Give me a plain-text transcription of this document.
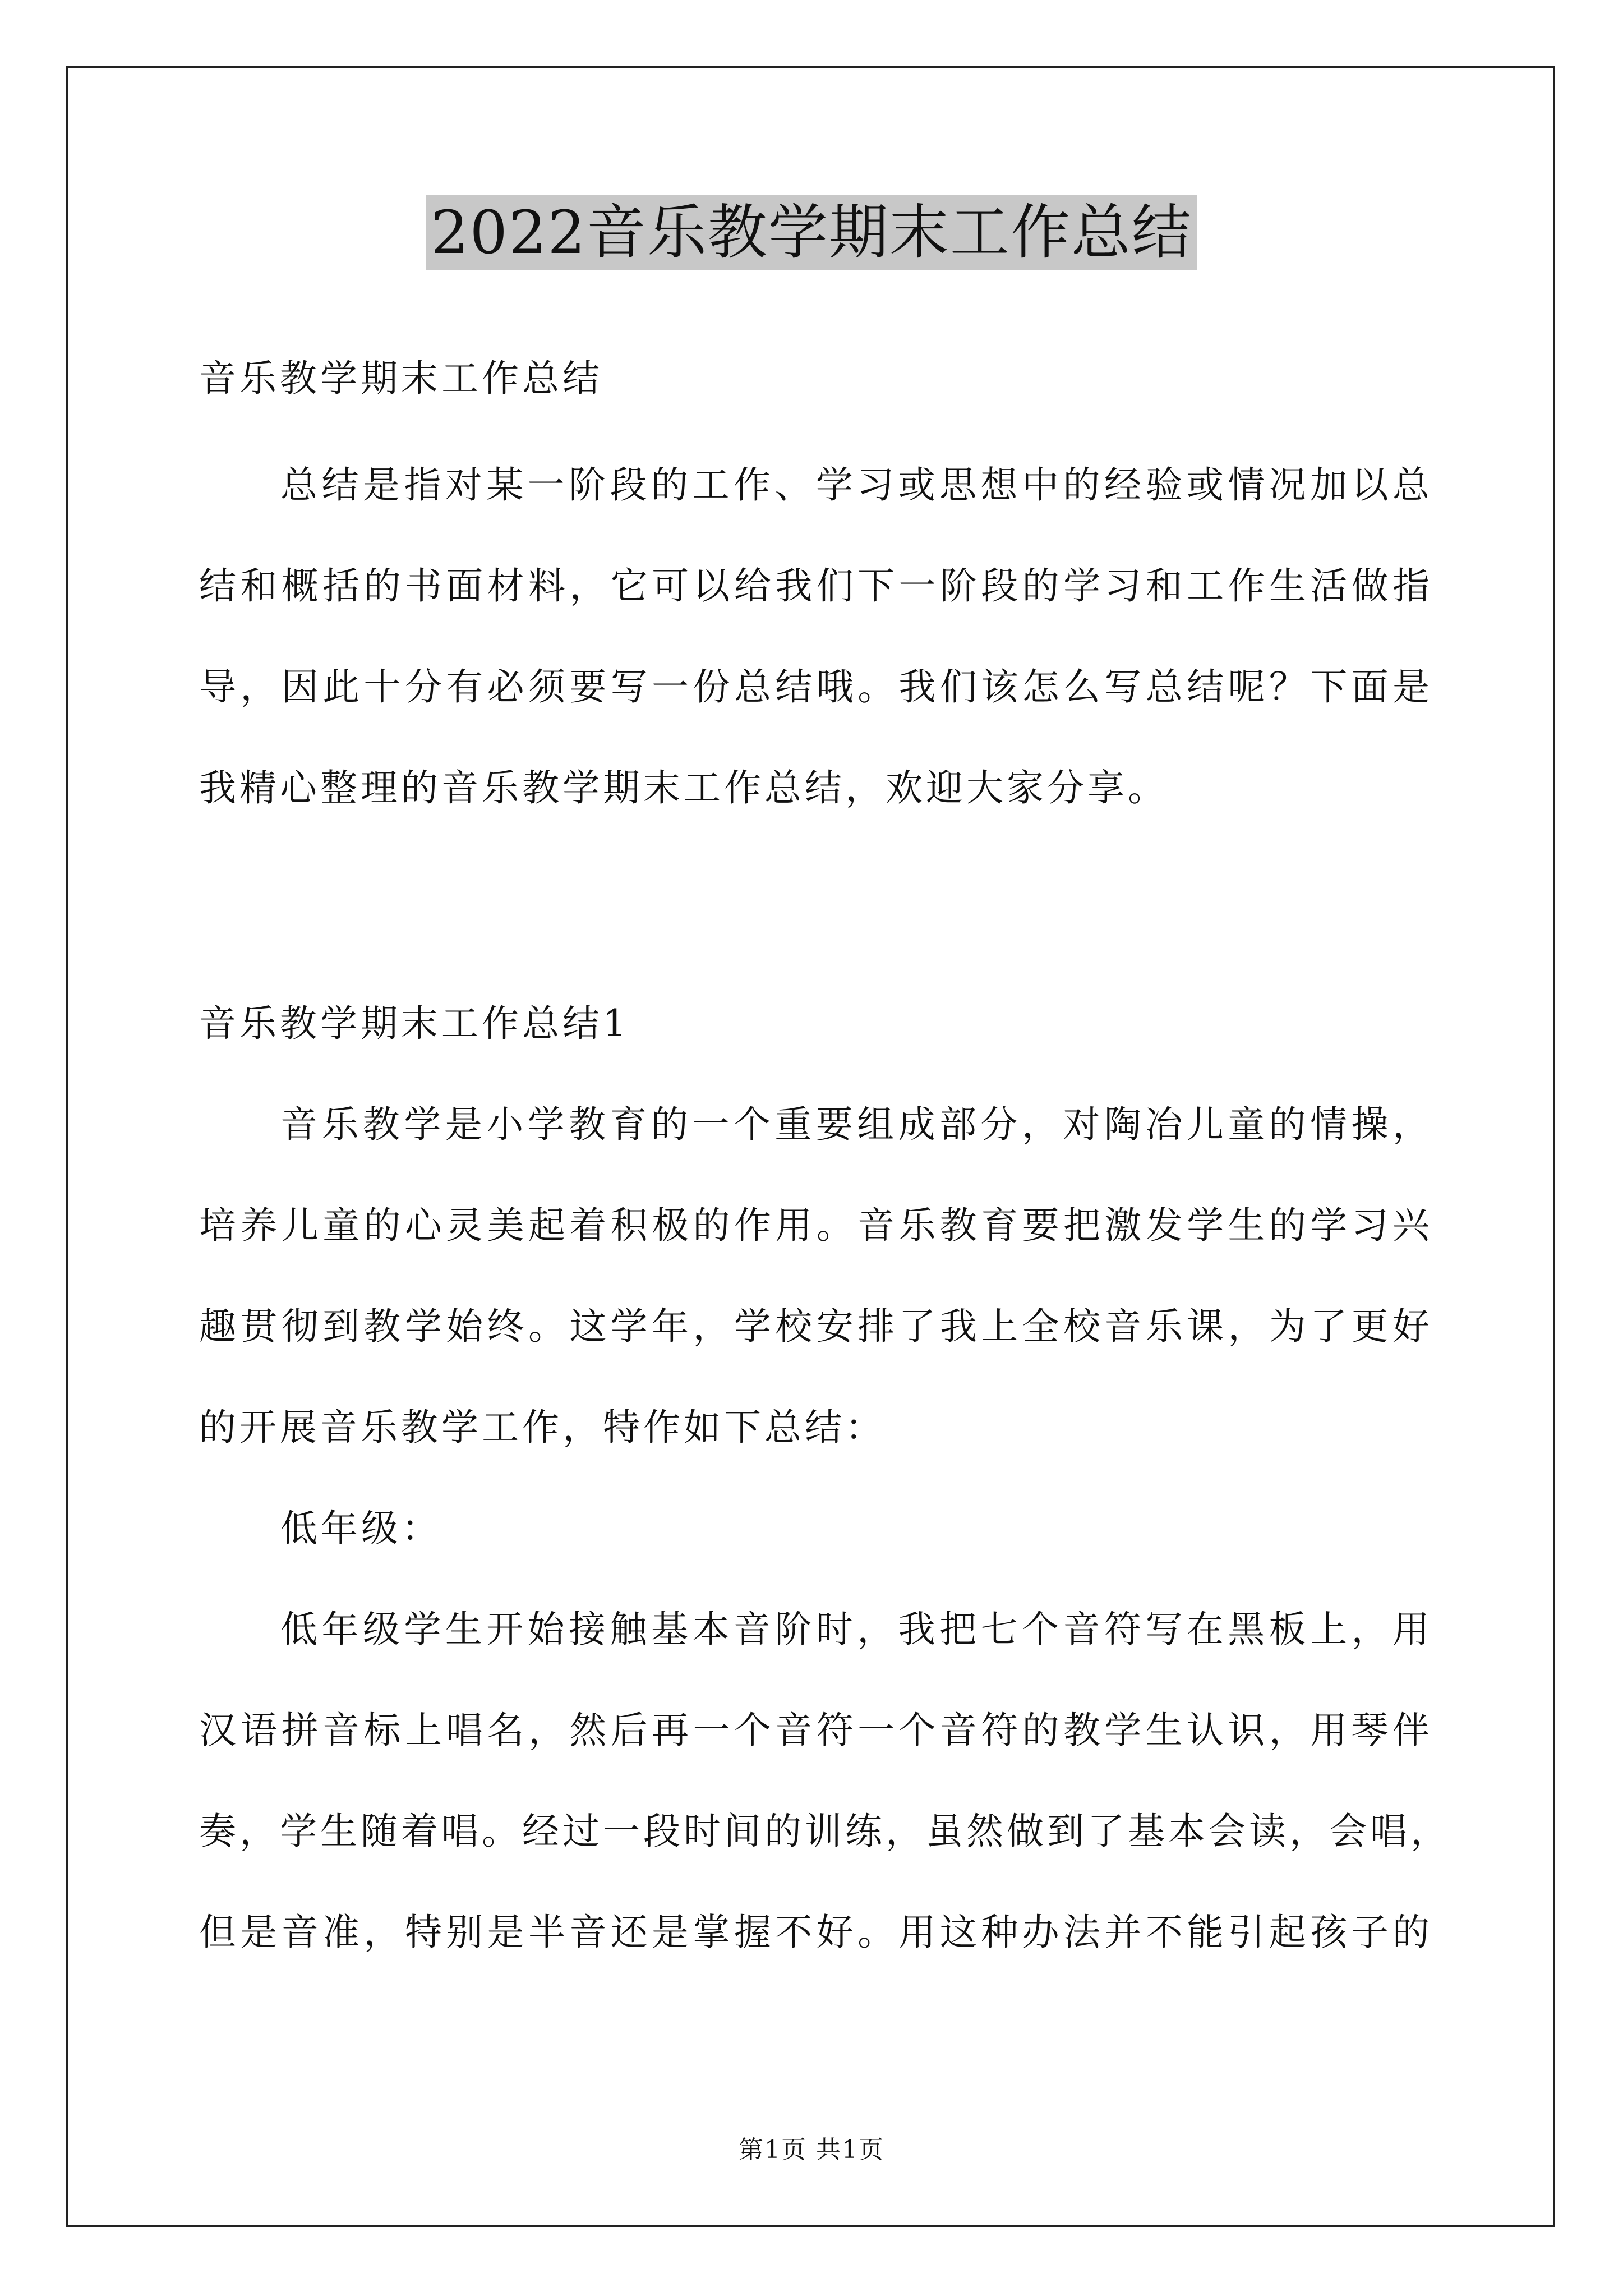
2022音乐教学期末工作总结
音乐教学期末工作总结
总结是指对某一阶段的工作、学习或思想中的经验或情况加以总
结和概括的书面材料，它可以给我们下一阶段的学习和工作生活做指
导，因此十分有必须要写一份总结哦。我们该怎么写总结呢？下面是
我精心整理的音乐教学期末工作总结，欢迎大家分享。
音乐教学期末工作总结1
音乐教学是小学教育的一个重要组成部分，对陶冶儿童的情操，
培养儿童的心灵美起着积极的作用。音乐教育要把激发学生的学习兴
趣贯彻到教学始终。这学年，学校安排了我上全校音乐课，为了更好
的开展音乐教学工作，特作如下总结：
低年级：
低年级学生开始接触基本音阶时，我把七个音符写在黑板上，用
汉语拼音标上唱名，然后再一个音符一个音符的教学生认识，用琴伴
奏，学生随着唱。经过一段时间的训练，虽然做到了基本会读，会唱，
但是音准，特别是半音还是掌握不好。用这种办法并不能引起孩子的
第1页 共1页
